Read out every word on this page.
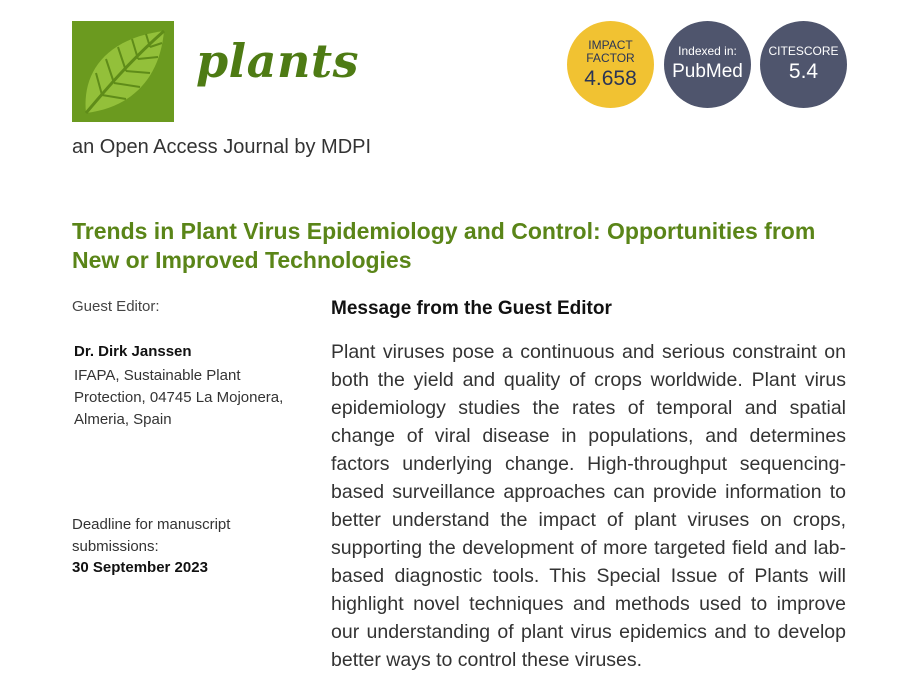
plants
an Open Access Journal by MDPI
IMPACT FACTOR
4.658
Indexed in:
PubMed
CITESCORE
5.4
Trends in Plant Virus Epidemiology and Control: Opportunities from New or Improved Technologies
Guest Editor:
Dr. Dirk Janssen
IFAPA, Sustainable Plant Protection, 04745 La Mojonera, Almeria, Spain
Deadline for manuscript submissions:
30 September 2023
Message from the Guest Editor

Plant viruses pose a continuous and serious constraint on both the yield and quality of crops worldwide. Plant virus epidemiology studies the rates of temporal and spatial change of viral disease in populations, and determines factors underlying change. High-throughput sequencing-based surveillance approaches can provide information to better understand the impact of plant viruses on crops, supporting the development of more targeted field and lab-based diagnostic tools. This Special Issue of Plants will highlight novel techniques and methods used to improve our understanding of plant virus epidemics and to develop better ways to control these viruses.
